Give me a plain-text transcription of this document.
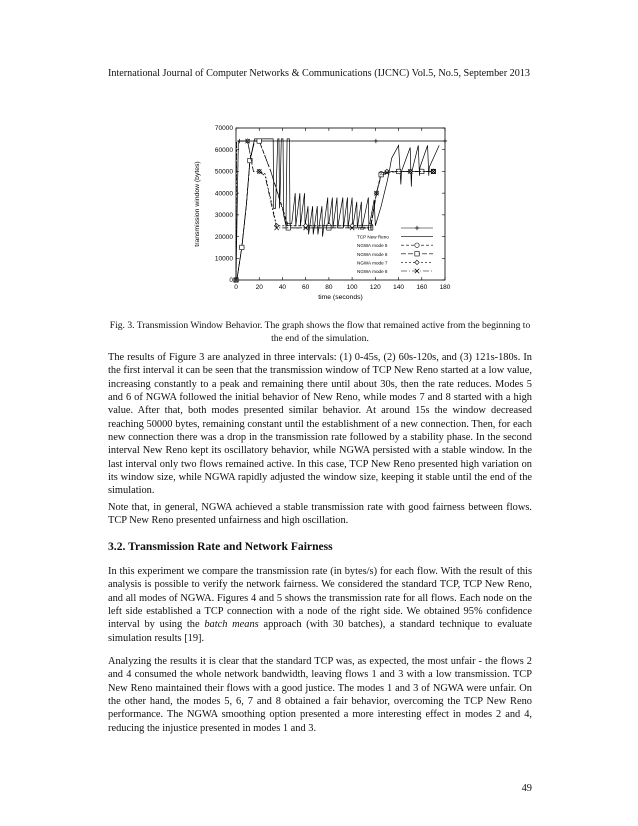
International Journal of Computer Networks & Communications (IJCNC) Vol.5, No.5, September 2013
0	20 40 60 80 100 120 140 160 180
0
10000
20000
30000
40000
50000
60000
70000
time (seconds)
transmission window (bytes)	TCP Tifi
TCP New Reno
NGWA mode 5
NGWA mode 6
NGWA mode 7
NGWA mode 8
Fig. 3. Transmission Window Behavior. The graph shows the flow that remained active from the beginning to the end of the simulation.

The results of Figure 3 are analyzed in three intervals: (1) 0-45s, (2) 60s-120s, and (3) 121s-180s. In the first interval it can be seen that the transmission window of TCP New Reno started at a low value, increasing constantly to a peak and remaining there until about 30s, then the rate reduces. Modes 5 and 6 of NGWA followed the initial behavior of New Reno, while modes 7 and 8 started with a high value. After that, both modes presented similar behavior. At around 15s the window decreased reaching 50000 bytes, remaining constant until the establishment of a new connection. Then, for each new connection there was a drop in the transmission rate followed by a stability phase. In the second interval New Reno kept its oscillatory behavior, while NGWA persisted with a stable window. In the last interval only two flows remained active. In this case, TCP New Reno presented high variation on its window size, while NGWA rapidly adjusted the window size, keeping it stable until the end of the simulation.

Note that, in general, NGWA achieved a stable transmission rate with good fairness between flows. TCP New Reno presented unfairness and high oscillation.

3.2. Transmission Rate and Network Fairness

In this experiment we compare the transmission rate (in bytes/s) for each flow. With the result of this analysis is possible to verify the network fairness. We considered the standard TCP, TCP New Reno, and all modes of NGWA. Figures 4 and 5 shows the transmission rate for all flows. Each node on the left side established a TCP connection with a node of the right side. We obtained 95% confidence interval by using the batch means approach (with 30 batches), a standard technique to evaluate simulation results [19].

Analyzing the results it is clear that the standard TCP was, as expected, the most unfair - the flows 2 and 4 consumed the whole network bandwidth, leaving flows 1 and 3 with a low transmission. TCP New Reno maintained their flows with a good justice. The modes 1 and 3 of NGWA were unfair. On the other hand, the modes 5, 6, 7 and 8 obtained a fair behavior, overcoming the TCP New Reno performance. The NGWA smoothing option presented a more interesting effect in modes 2 and 4, reducing the injustice presented in modes 1 and 3.

49
